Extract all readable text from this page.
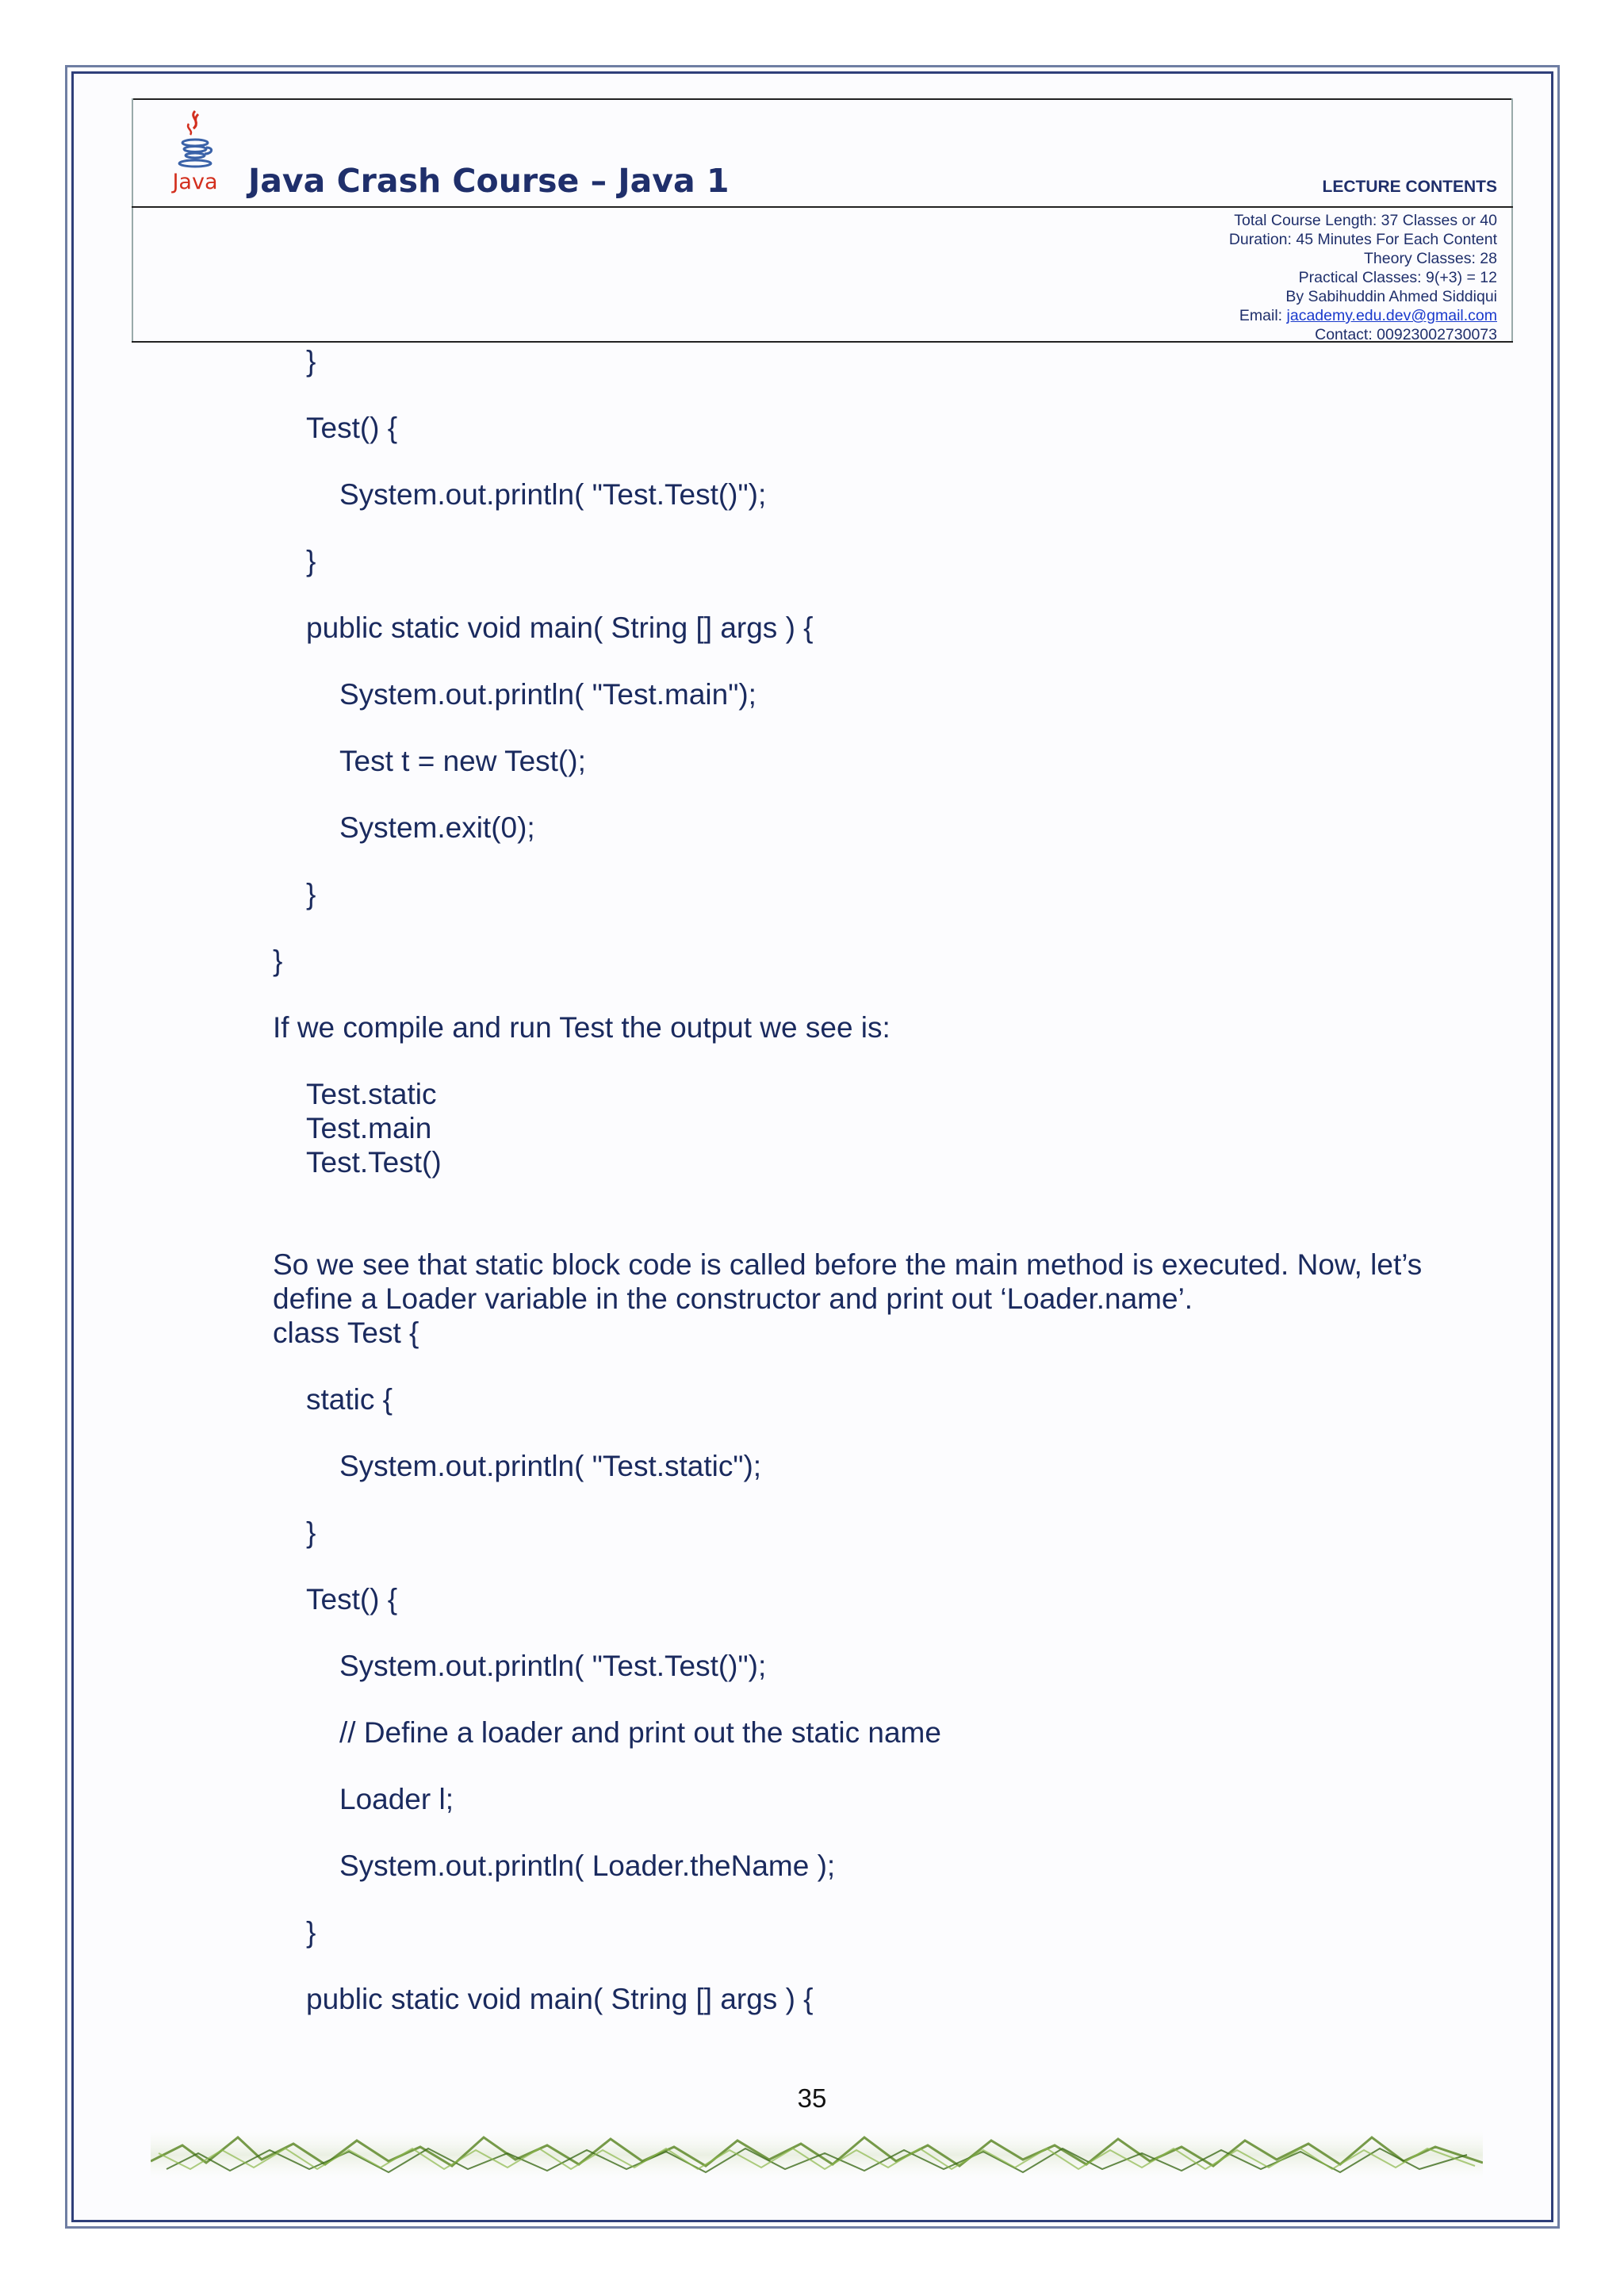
Java Java Crash Course – Java 1	LECTURE CONTENTS
Total Course Length: 37 Classes or 40
Duration: 45 Minutes For Each Content
Theory Classes: 28
Practical Classes: 9(+3) = 12
By Sabihuddin Ahmed Siddiqui
Email: jacademy.edu.dev@gmail.com
Contact: 00923002730073
}
Test() {
System.out.println( "Test.Test()");
}
public static void main( String [] args ) {
System.out.println( "Test.main");
Test t = new Test();
System.exit(0);
}
}
If we compile and run Test the output we see is:
Test.static
Test.main
Test.Test()
So we see that static block code is called before the main method is executed. Now, let’s
define a Loader variable in the constructor and print out ‘Loader.name’.
class Test {
static {
System.out.println( "Test.static");
}
Test() {
System.out.println( "Test.Test()");
// Define a loader and print out the static name
Loader l;
System.out.println( Loader.theName );
}
public static void main( String [] args ) {
35
